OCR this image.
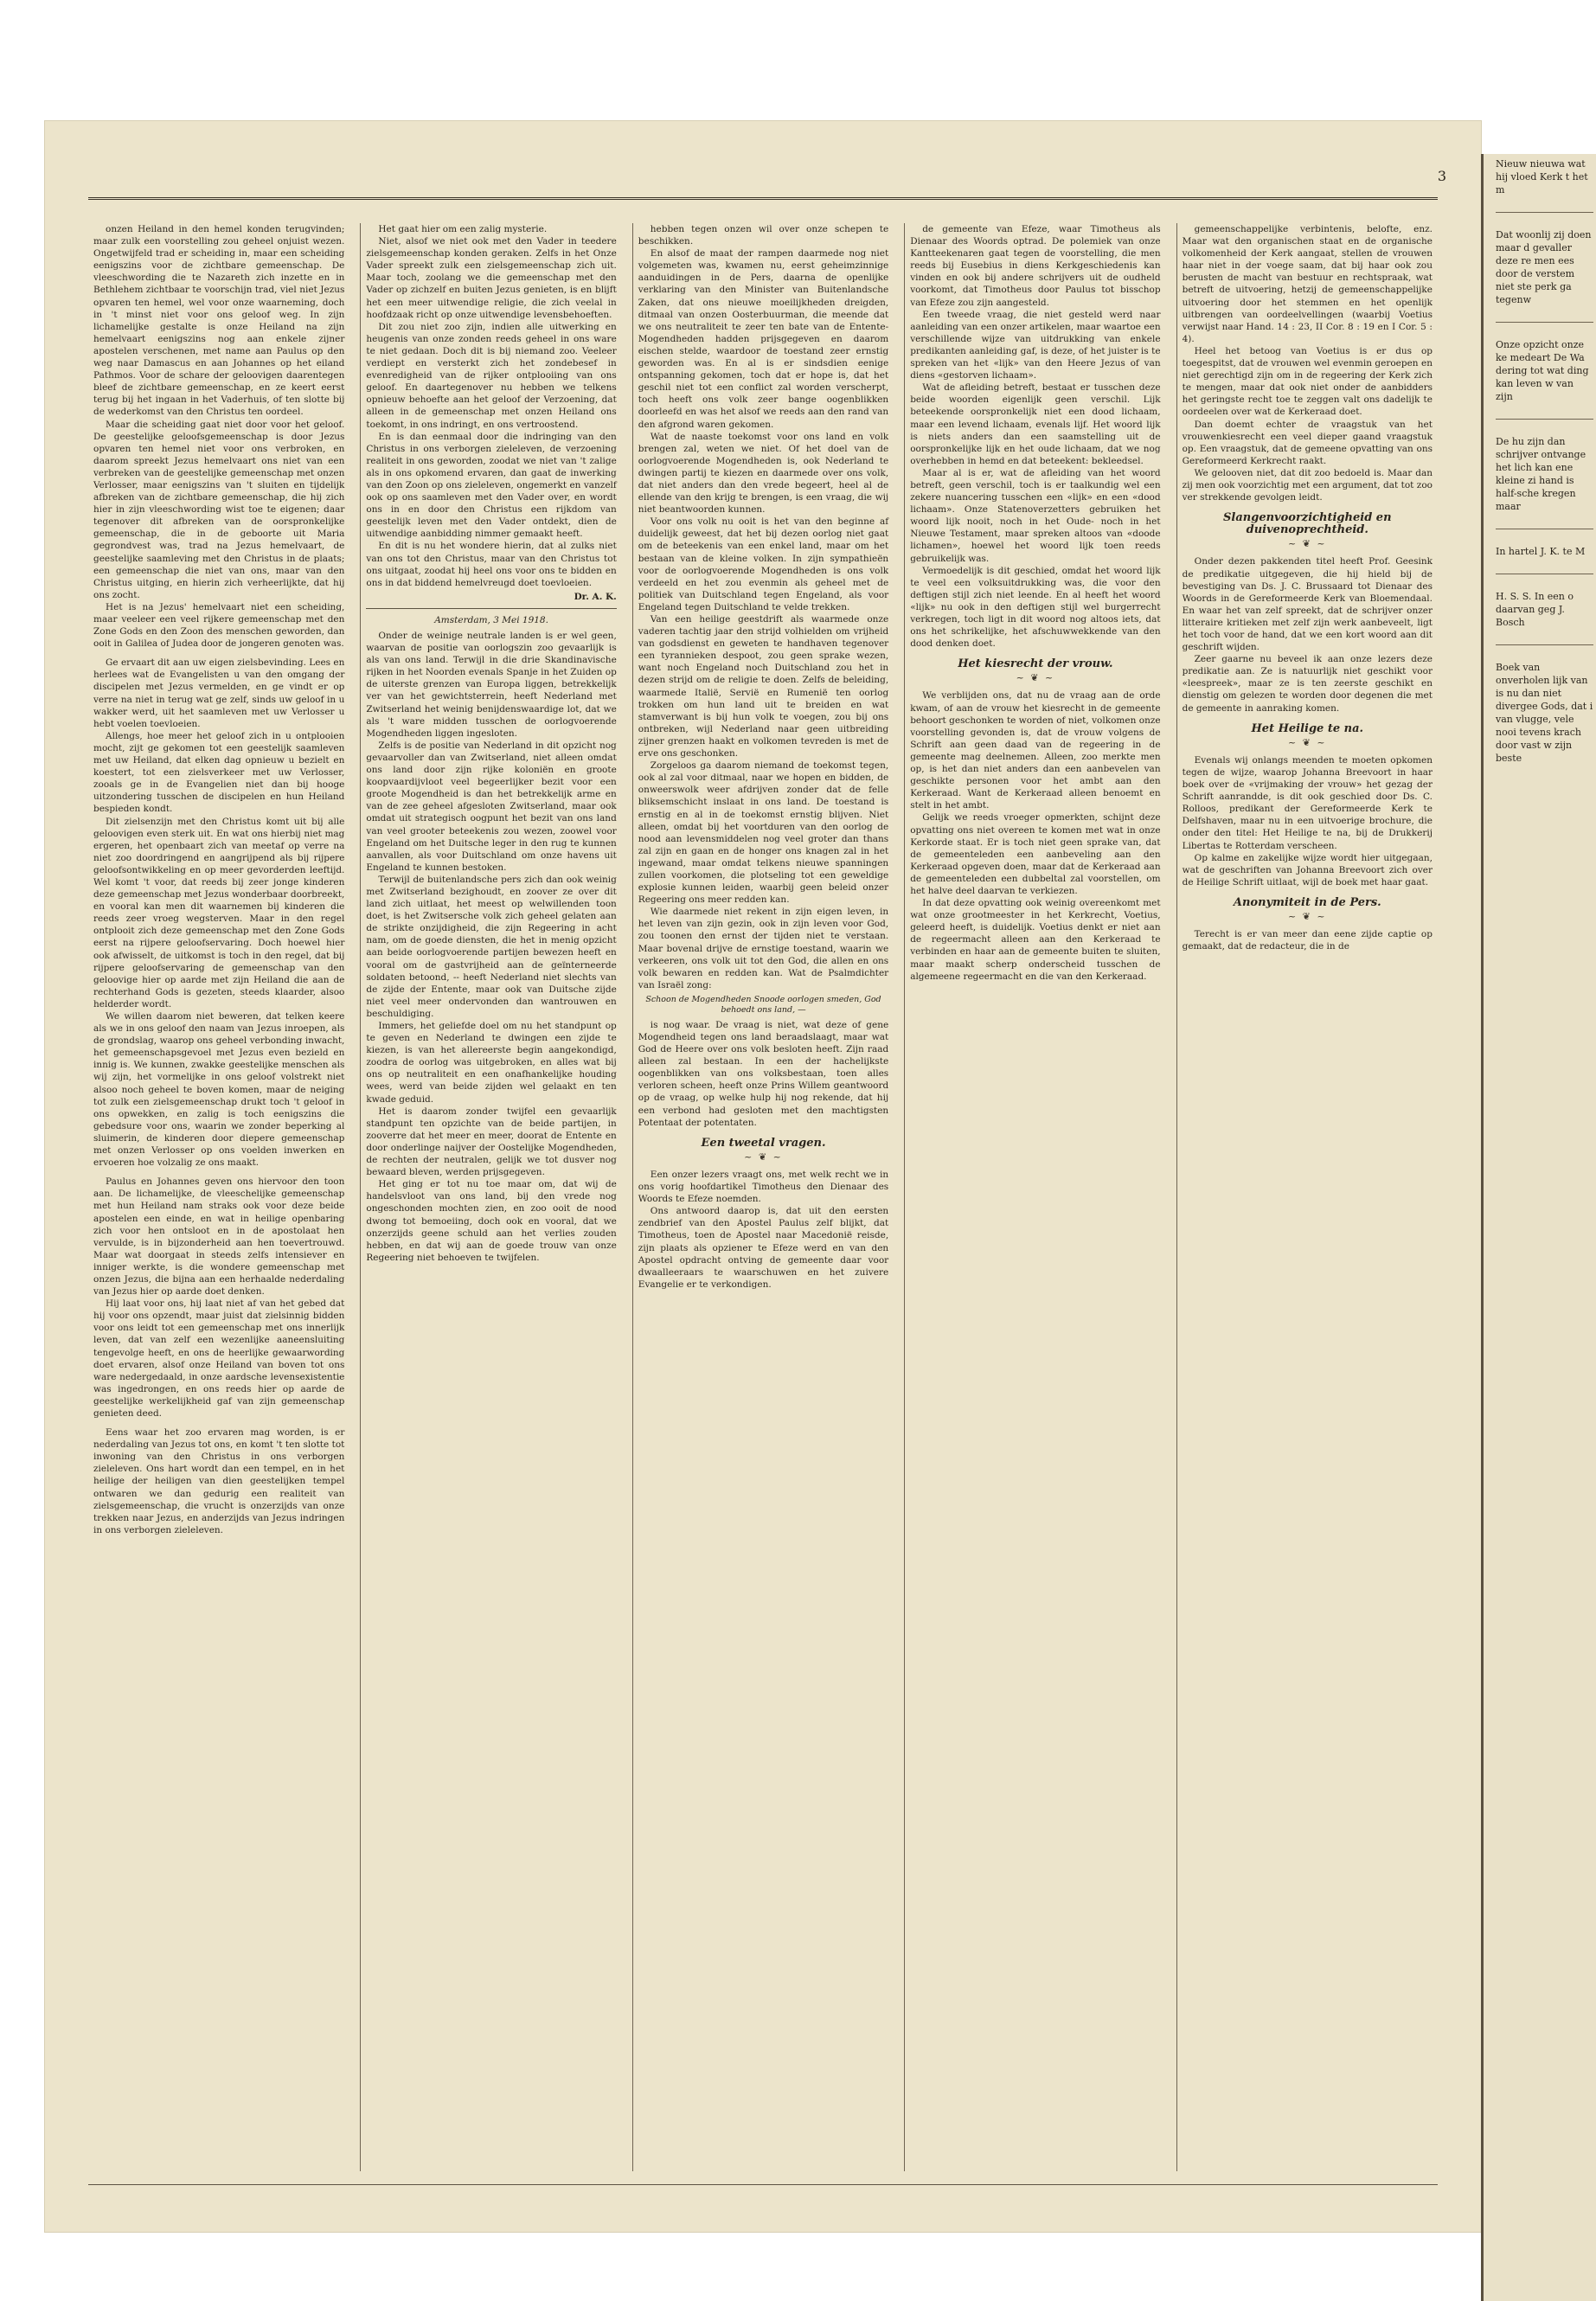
3

onzen Heiland in den hemel konden terugvinden; maar zulk een voorstelling zou geheel onjuist wezen. Ongetwijfeld trad er scheiding in, maar een scheiding eenigszins voor de zichtbare gemeenschap. De vleeschwording die te Nazareth zich inzette en in Bethlehem zichtbaar te voorschijn trad, viel niet Jezus opvaren ten hemel, wel voor onze waarneming, doch in 't minst niet voor ons geloof weg. In zijn lichamelijke gestalte is onze Heiland na zijn hemelvaart eenigszins nog aan enkele zijner apostelen verschenen, met name aan Paulus op den weg naar Damascus en aan Johannes op het eiland Pathmos. Voor de schare der geloovigen daarentegen bleef de zichtbare gemeenschap, en ze keert eerst terug bij het ingaan in het Vaderhuis, of ten slotte bij de wederkomst van den Christus ten oordeel.

Maar die scheiding gaat niet door voor het geloof. De geestelijke geloofsgemeenschap is door Jezus opvaren ten hemel niet voor ons verbroken, en daarom spreekt Jezus hemelvaart ons niet van een verbreken van de geestelijke gemeenschap met onzen Verlosser, maar eenigszins van 't sluiten en tijdelijk afbreken van de zichtbare gemeenschap, die hij zich hier in zijn vleeschwording wist toe te eigenen; daar tegenover dit afbreken van de oorspronkelijke gemeenschap, die in de geboorte uit Maria gegrondvest was, trad na Jezus hemelvaart, de geestelijke saamleving met den Christus in de plaats; een gemeenschap die niet van ons, maar van den Christus uitging, en hierin zich verheerlijkte, dat hij ons zocht.

Het is na Jezus' hemelvaart niet een scheiding, maar veeleer een veel rijkere gemeenschap met den Zone Gods en den Zoon des menschen geworden, dan ooit in Galilea of Judea door de jongeren genoten was.

Ge ervaart dit aan uw eigen zielsbevinding. Lees en herlees wat de Evangelisten u van den omgang der discipelen met Jezus vermelden, en ge vindt er op verre na niet in terug wat ge zelf, sinds uw geloof in u wakker werd, uit het saamleven met uw Verlosser u hebt voelen toevloeien.

Allengs, hoe meer het geloof zich in u ontplooien mocht, zijt ge gekomen tot een geestelijk saamleven met uw Heiland, dat elken dag opnieuw u bezielt en koestert, tot een zielsverkeer met uw Verlosser, zooals ge in de Evangelien niet dan bij hooge uitzondering tusschen de discipelen en hun Heiland bespieden kondt.

Dit zielsenzijn met den Christus komt uit bij alle geloovigen even sterk uit. En wat ons hierbij niet mag ergeren, het openbaart zich van meetaf op verre na niet zoo doordringend en aangrijpend als bij rijpere geloofsontwikkeling en op meer gevorderden leeftijd. Wel komt 't voor, dat reeds bij zeer jonge kinderen deze gemeenschap met Jezus wonderbaar doorbreekt, en vooral kan men dit waarnemen bij kinderen die reeds zeer vroeg wegsterven. Maar in den regel ontplooit zich deze gemeenschap met den Zone Gods eerst na rijpere geloofservaring. Doch hoewel hier ook afwisselt, de uitkomst is toch in den regel, dat bij rijpere geloofservaring de gemeenschap van den geloovige hier op aarde met zijn Heiland die aan de rechterhand Gods is gezeten, steeds klaarder, alsoo helderder wordt.

We willen daarom niet beweren, dat telken keere als we in ons geloof den naam van Jezus inroepen, als de grondslag, waarop ons geheel verbonding inwacht, het gemeenschapsgevoel met Jezus even bezield en innig is. We kunnen, zwakke geestelijke menschen als wij zijn, het vormelijke in ons geloof volstrekt niet alsoo noch geheel te boven komen, maar de neiging tot zulk een zielsgemeenschap drukt toch 't geloof in ons opwekken, en zalig is toch eenigszins die gebedsure voor ons, waarin we zonder beperking al sluimerin, de kinderen door diepere gemeenschap met onzen Verlosser op ons voelden inwerken en ervoeren hoe volzalig ze ons maakt.

Paulus en Johannes geven ons hiervoor den toon aan. De lichamelijke, de vleeschelijke gemeenschap met hun Heiland nam straks ook voor deze beide apostelen een einde, en wat in heilige openbaring zich voor hen ontsloot en in de apostolaat hen vervulde, is in bijzonderheid aan hen toevertrouwd. Maar wat doorgaat in steeds zelfs intensiever en inniger werkte, is die wondere gemeenschap met onzen Jezus, die bijna aan een herhaalde nederdaling van Jezus hier op aarde doet denken.

Hij laat voor ons, hij laat niet af van het gebed dat hij voor ons opzendt, maar juist dat zielsinnig bidden voor ons leidt tot een gemeenschap met ons innerlijk leven, dat van zelf een wezenlijke aaneensluiting tengevolge heeft, en ons de heerlijke gewaarwording doet ervaren, alsof onze Heiland van boven tot ons ware nedergedaald, in onze aardsche levensexistentie was ingedrongen, en ons reeds hier op aarde de geestelijke werkelijkheid gaf van zijn gemeenschap genieten deed.

Eens waar het zoo ervaren mag worden, is er nederdaling van Jezus tot ons, en komt 't ten slotte tot inwoning van den Christus in ons verborgen zieleleven. Ons hart wordt dan een tempel, en in het heilige der heiligen van dien geestelijken tempel ontwaren we dan gedurig een realiteit van zielsgemeenschap, die vrucht is onzerzijds van onze trekken naar Jezus, en anderzijds van Jezus indringen in ons verborgen zieleleven.

Het gaat hier om een zalig mysterie.

Niet, alsof we niet ook met den Vader in teedere zielsgemeenschap konden geraken. Zelfs in het Onze Vader spreekt zulk een zielsgemeenschap zich uit. Maar toch, zoolang we die gemeenschap met den Vader op zichzelf en buiten Jezus genieten, is en blijft het een meer uitwendige religie, die zich veelal in hoofdzaak richt op onze uitwendige levensbehoeften.

Dit zou niet zoo zijn, indien alle uitwerking en heugenis van onze zonden reeds geheel in ons ware te niet gedaan. Doch dit is bij niemand zoo. Veeleer verdiept en versterkt zich het zondebesef in evenredigheid van de rijker ontplooiing van ons geloof. En daartegenover nu hebben we telkens opnieuw behoefte aan het geloof der Verzoening, dat alleen in de gemeenschap met onzen Heiland ons toekomt, in ons indringt, en ons vertroostend.

En is dan eenmaal door die indringing van den Christus in ons verborgen zieleleven, de verzoening realiteit in ons geworden, zoodat we niet van 't zalige als in ons opkomend ervaren, dan gaat de inwerking van den Zoon op ons zieleleven, ongemerkt en vanzelf ook op ons saamleven met den Vader over, en wordt ons in en door den Christus een rijkdom van geestelijk leven met den Vader ontdekt, dien de uitwendige aanbidding nimmer gemaakt heeft.

En dit is nu het wondere hierin, dat al zulks niet van ons tot den Christus, maar van den Christus tot ons uitgaat, zoodat hij heel ons voor ons te bidden en ons in dat biddend hemelvreugd doet toevloeien.

Dr. A. K.
Amsterdam, 3 Mei 1918.

Onder de weinige neutrale landen is er wel geen, waarvan de positie van oorlogszin zoo gevaarlijk is als van ons land. Terwijl in die drie Skandinavische rijken in het Noorden evenals Spanje in het Zuiden op de uiterste grenzen van Europa liggen, betrekkelijk ver van het gewichtsterrein, heeft Nederland met Zwitserland het weinig benijdenswaardige lot, dat we als 't ware midden tusschen de oorlogvoerende Mogendheden liggen ingesloten.

Zelfs is de positie van Nederland in dit opzicht nog gevaarvoller dan van Zwitserland, niet alleen omdat ons land door zijn rijke koloniën en groote koopvaardijvloot veel begeerlijker bezit voor een groote Mogendheid is dan het betrekkelijk arme en van de zee geheel afgesloten Zwitserland, maar ook omdat uit strategisch oogpunt het bezit van ons land van veel grooter beteekenis zou wezen, zoowel voor Engeland om het Duitsche leger in den rug te kunnen aanvallen, als voor Duitschland om onze havens uit Engeland te kunnen bestoken.

Terwijl de buitenlandsche pers zich dan ook weinig met Zwitserland bezighoudt, en zoover ze over dit land zich uitlaat, het meest op welwillenden toon doet, is het Zwitsersche volk zich geheel gelaten aan de strikte onzijdigheid, die zijn Regeering in acht nam, om de goede diensten, die het in menig opzicht aan beide oorlogvoerende partijen bewezen heeft en vooral om de gastvrijheid aan de geïnterneerde soldaten betoond, -- heeft Nederland niet slechts van de zijde der Entente, maar ook van Duitsche zijde niet veel meer ondervonden dan wantrouwen en beschuldiging.

Immers, het geliefde doel om nu het standpunt op te geven en Nederland te dwingen een zijde te kiezen, is van het allereerste begin aangekondigd, zoodra de oorlog was uitgebroken, en alles wat bij ons op neutraliteit en een onafhankelijke houding wees, werd van beide zijden wel gelaakt en ten kwade geduid.

Het is daarom zonder twijfel een gevaarlijk standpunt ten opzichte van de beide partijen, in zooverre dat het meer en meer, doorat de Entente en door onderlinge naijver der Oostelijke Mogendheden, de rechten der neutralen, gelijk we tot dusver nog bewaard bleven, werden prijsgegeven.

Het ging er tot nu toe maar om, dat wij de handelsvloot van ons land, bij den vrede nog ongeschonden mochten zien, en zoo ooit de nood dwong tot bemoeiing, doch ook en vooral, dat we onzerzijds geene schuld aan het verlies zouden hebben, en dat wij aan de goede trouw van onze Regeering niet behoeven te twijfelen.

hebben tegen onzen wil over onze schepen te beschikken.

En alsof de maat der rampen daarmede nog niet volgemeten was, kwamen nu, eerst geheimzinnige aanduidingen in de Pers, daarna de openlijke verklaring van den Minister van Buitenlandsche Zaken, dat ons nieuwe moeilijkheden dreigden, ditmaal van onzen Oosterbuurman, die meende dat we ons neutraliteit te zeer ten bate van de Entente-Mogendheden hadden prijsgegeven en daarom eischen stelde, waardoor de toestand zeer ernstig geworden was. En al is er sindsdien eenige ontspanning gekomen, toch dat er hope is, dat het geschil niet tot een conflict zal worden verscherpt, toch heeft ons volk zeer bange oogenblikken doorleefd en was het alsof we reeds aan den rand van den afgrond waren gekomen.

Wat de naaste toekomst voor ons land en volk brengen zal, weten we niet. Of het doel van de oorlogvoerende Mogendheden is, ook Nederland te dwingen partij te kiezen en daarmede over ons volk, dat niet anders dan den vrede begeert, heel al de ellende van den krijg te brengen, is een vraag, die wij niet beantwoorden kunnen.

Voor ons volk nu ooit is het van den beginne af duidelijk geweest, dat het bij dezen oorlog niet gaat om de beteekenis van een enkel land, maar om het bestaan van de kleine volken. In zijn sympathieën voor de oorlogvoerende Mogendheden is ons volk verdeeld en het zou evenmin als geheel met de politiek van Duitschland tegen Engeland, als voor Engeland tegen Duitschland te velde trekken.

Van een heilige geestdrift als waarmede onze vaderen tachtig jaar den strijd volhielden om vrijheid van godsdienst en geweten te handhaven tegenover een tyrannieken despoot, zou geen sprake wezen, want noch Engeland noch Duitschland zou het in dezen strijd om de religie te doen. Zelfs de beleiding, waarmede Italië, Servië en Rumenië ten oorlog trokken om hun land uit te breiden en wat stamverwant is bij hun volk te voegen, zou bij ons ontbreken, wijl Nederland naar geen uitbreiding zijner grenzen haakt en volkomen tevreden is met de erve ons geschonken.

Zorgeloos ga daarom niemand de toekomst tegen, ook al zal voor ditmaal, naar we hopen en bidden, de onweerswolk weer afdrijven zonder dat de felle bliksemschicht inslaat in ons land. De toestand is ernstig en al in de toekomst ernstig blijven. Niet alleen, omdat bij het voortduren van den oorlog de nood aan levensmiddelen nog veel groter dan thans zal zijn en gaan en de honger ons knagen zal in het ingewand, maar omdat telkens nieuwe spanningen zullen voorkomen, die plotseling tot een geweldige explosie kunnen leiden, waarbij geen beleid onzer Regeering ons meer redden kan.

Wie daarmede niet rekent in zijn eigen leven, in het leven van zijn gezin, ook in zijn leven voor God, zou toonen den ernst der tijden niet te verstaan. Maar bovenal drijve de ernstige toestand, waarin we verkeeren, ons volk uit tot den God, die allen en ons volk bewaren en redden kan. Wat de Psalmdichter van Israël zong:

Schoon de Mogendheden Snoode oorlogen smeden, God behoedt ons land, —

is nog waar. De vraag is niet, wat deze of gene Mogendheid tegen ons land beraadslaagt, maar wat God de Heere over ons volk besloten heeft. Zijn raad alleen zal bestaan. In een der hachelijkste oogenblikken van ons volksbestaan, toen alles verloren scheen, heeft onze Prins Willem geantwoord op de vraag, op welke hulp hij nog rekende, dat hij een verbond had gesloten met den machtigsten Potentaat der potentaten.

Een tweetal vragen.
~ ❦ ~

Een onzer lezers vraagt ons, met welk recht we in ons vorig hoofdartikel Timotheus den Dienaar des Woords te Efeze noemden.

Ons antwoord daarop is, dat uit den eersten zendbrief van den Apostel Paulus zelf blijkt, dat Timotheus, toen de Apostel naar Macedonië reisde, zijn plaats als opziener te Efeze werd en van den Apostel opdracht ontving de gemeente daar voor dwaalleeraars te waarschuwen en het zuivere Evangelie er te verkondigen.

de gemeente van Efeze, waar Timotheus als Dienaar des Woords optrad. De polemiek van onze Kantteekenaren gaat tegen de voorstelling, die men reeds bij Eusebius in diens Kerkgeschiedenis kan vinden en ook bij andere schrijvers uit de oudheld voorkomt, dat Timotheus door Paulus tot bisschop van Efeze zou zijn aangesteld.

Een tweede vraag, die niet gesteld werd naar aanleiding van een onzer artikelen, maar waartoe een verschillende wijze van uitdrukking van enkele predikanten aanleiding gaf, is deze, of het juister is te spreken van het «lijk» van den Heere Jezus of van diens «gestorven lichaam».

Wat de afleiding betreft, bestaat er tusschen deze beide woorden eigenlijk geen verschil. Lijk beteekende oorspronkelijk niet een dood lichaam, maar een levend lichaam, evenals lijf. Het woord lijk is niets anders dan een saamstelling uit de oorspronkelijke lijk en het oude lichaam, dat we nog overhebben in hemd en dat beteekent: bekleedsel.

Maar al is er, wat de afleiding van het woord betreft, geen verschil, toch is er taalkundig wel een zekere nuancering tusschen een «lijk» en een «dood lichaam». Onze Statenoverzetters gebruiken het woord lijk nooit, noch in het Oude- noch in het Nieuwe Testament, maar spreken altoos van «doode lichamen», hoewel het woord lijk toen reeds gebruikelijk was.

Vermoedelijk is dit geschied, omdat het woord lijk te veel een volksuitdrukking was, die voor den deftigen stijl zich niet leende. En al heeft het woord «lijk» nu ook in den deftigen stijl wel burgerrecht verkregen, toch ligt in dit woord nog altoos iets, dat ons het schrikelijke, het afschuwwekkende van den dood denken doet.

Het kiesrecht der vrouw.
~ ❦ ~

We verblijden ons, dat nu de vraag aan de orde kwam, of aan de vrouw het kiesrecht in de gemeente behoort geschonken te worden of niet, volkomen onze voorstelling gevonden is, dat de vrouw volgens de Schrift aan geen daad van de regeering in de gemeente mag deelnemen. Alleen, zoo merkte men op, is het dan niet anders dan een aanbevelen van geschikte personen voor het ambt aan den Kerkeraad. Want de Kerkeraad alleen benoemt en stelt in het ambt.

Gelijk we reeds vroeger opmerkten, schijnt deze opvatting ons niet overeen te komen met wat in onze Kerkorde staat. Er is toch niet geen sprake van, dat de gemeenteleden een aanbeveling aan den Kerkeraad opgeven doen, maar dat de Kerkeraad aan de gemeenteleden een dubbeltal zal voorstellen, om het halve deel daarvan te verkiezen.

In dat deze opvatting ook weinig overeenkomt met wat onze grootmeester in het Kerkrecht, Voetius, geleerd heeft, is duidelijk. Voetius denkt er niet aan de regeermacht alleen aan den Kerkeraad te verbinden en haar aan de gemeente buiten te sluiten, maar maakt scherp onderscheid tusschen de algemeene regeermacht en die van den Kerkeraad.

gemeenschappelijke verbintenis, belofte, enz. Maar wat den organischen staat en de organische volkomenheid der Kerk aangaat, stellen de vrouwen haar niet in der voege saam, dat bij haar ook zou berusten de macht van bestuur en rechtspraak, wat betreft de uitvoering, hetzij de gemeenschappelijke uitvoering door het stemmen en het openlijk uitbrengen van oordeelvellingen (waarbij Voetius verwijst naar Hand. 14 : 23, II Cor. 8 : 19 en I Cor. 5 : 4).

Heel het betoog van Voetius is er dus op toegespitst, dat de vrouwen wel evenmin geroepen en niet gerechtigd zijn om in de regeering der Kerk zich te mengen, maar dat ook niet onder de aanbidders het geringste recht toe te zeggen valt ons dadelijk te oordeelen over wat de Kerkeraad doet.

Dan doemt echter de vraagstuk van het vrouwenkiesrecht een veel dieper gaand vraagstuk op. Een vraagstuk, dat de gemeene opvatting van ons Gereformeerd Kerkrecht raakt.

We gelooven niet, dat dit zoo bedoeld is. Maar dan zij men ook voorzichtig met een argument, dat tot zoo ver strekkende gevolgen leidt.

Slangenvoorzichtigheid en duivenoprechtheid.
~ ❦ ~

Onder dezen pakkenden titel heeft Prof. Geesink de predikatie uitgegeven, die hij hield bij de bevestiging van Ds. J. C. Brussaard tot Dienaar des Woords in de Gereformeerde Kerk van Bloemendaal. En waar het van zelf spreekt, dat de schrijver onzer litteraire kritieken met zelf zijn werk aanbeveelt, ligt het toch voor de hand, dat we een kort woord aan dit geschrift wijden.

Zeer gaarne nu beveel ik aan onze lezers deze predikatie aan. Ze is natuurlijk niet geschikt voor «leespreek», maar ze is ten zeerste geschikt en dienstig om gelezen te worden door degenen die met de gemeente in aanraking komen.

Het Heilige te na.
~ ❦ ~

Evenals wij onlangs meenden te moeten opkomen tegen de wijze, waarop Johanna Breevoort in haar boek over de «vrijmaking der vrouw» het gezag der Schrift aanrandde, is dit ook geschied door Ds. C. Rolloos, predikant der Gereformeerde Kerk te Delfshaven, maar nu in een uitvoerige brochure, die onder den titel: Het Heilige te na, bij de Drukkerij Libertas te Rotterdam verscheen.

Op kalme en zakelijke wijze wordt hier uitgegaan, wat de geschriften van Johanna Breevoort zich over de Heilige Schrift uitlaat, wijl de boek met haar gaat.

Anonymiteit in de Pers.
~ ❦ ~

Terecht is er van meer dan eene zijde captie op gemaakt, dat de redacteur, die in de

Nieuw nieuwa wat hij vloed Kerk t het m
Dat woonlij zij doen maar d gevaller deze re men ees door de verstem niet ste perk ga tegenw
Onze opzicht onze ke medeart De Wa dering tot wat ding kan leven w van zijn
De hu zijn dan schrijver ontvange het lich kan ene kleine zi hand is half-sche kregen maar
In hartel J. K. te M
H. S. S. In een o daarvan geg J. Bosch
Boek van onverholen lijk van is nu dan niet divergee Gods, dat i van vlugge, vele nooi tevens krach door vast w zijn beste
